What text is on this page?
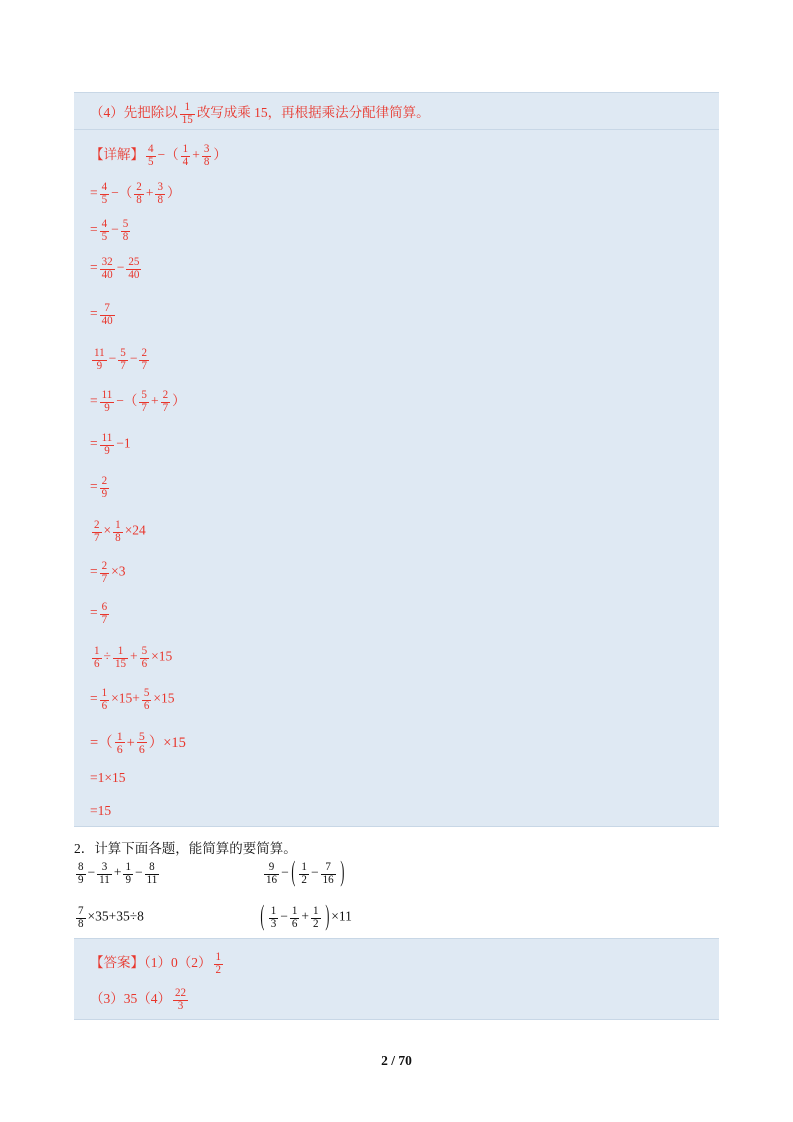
（4）先把除以 $\frac{1}{15}$ 改写成乘 15，再根据乘法分配律简算。
【详解】 $\frac{4}{5}$ −（ $\frac{1}{4} + \frac{3}{8}$ ）
= $\frac{4}{5}$ −（ $\frac{2}{8} + \frac{3}{8}$ ）
= $\frac{4}{5} - \frac{5}{8}$
= $\frac{32}{40} - \frac{25}{40}$
= $\frac{7}{40}$
$\frac{11}{9} - \frac{5}{7} - \frac{2}{7}$
= $\frac{11}{9}$ −（ $\frac{5}{7} + \frac{2}{7}$ ）
= $\frac{11}{9} -1$
= $\frac{2}{9}$
$\frac{2}{7} \times \frac{1}{8} \times 24$
= $\frac{2}{7} \times 3$
= $\frac{6}{7}$
$\frac{1}{6} \div \frac{1}{15} + \frac{5}{6} \times 15$
= $\frac{1}{6} \times 15+ \frac{5}{6} \times 15$
=（ $\frac{1}{6} + \frac{5}{6} )\times 15$
=1×15
=15
2．计算下面各题，能简算的要简算。
$\frac{8}{9} - \frac{3}{11} + \frac{1}{9} - \frac{8}{11}$	$\frac{9}{16}$ − ( $\frac{1}{2} - \frac{7}{16}$ )
$\frac{7}{8} \times 35+35\div 8$	( $\frac{1}{3} - \frac{1}{6} + \frac{1}{2}$ ) ×11
【答案】$(1)0(2) \frac{1}{2}$
$(3)35(4) \frac{22}{3}$
2 / 70
